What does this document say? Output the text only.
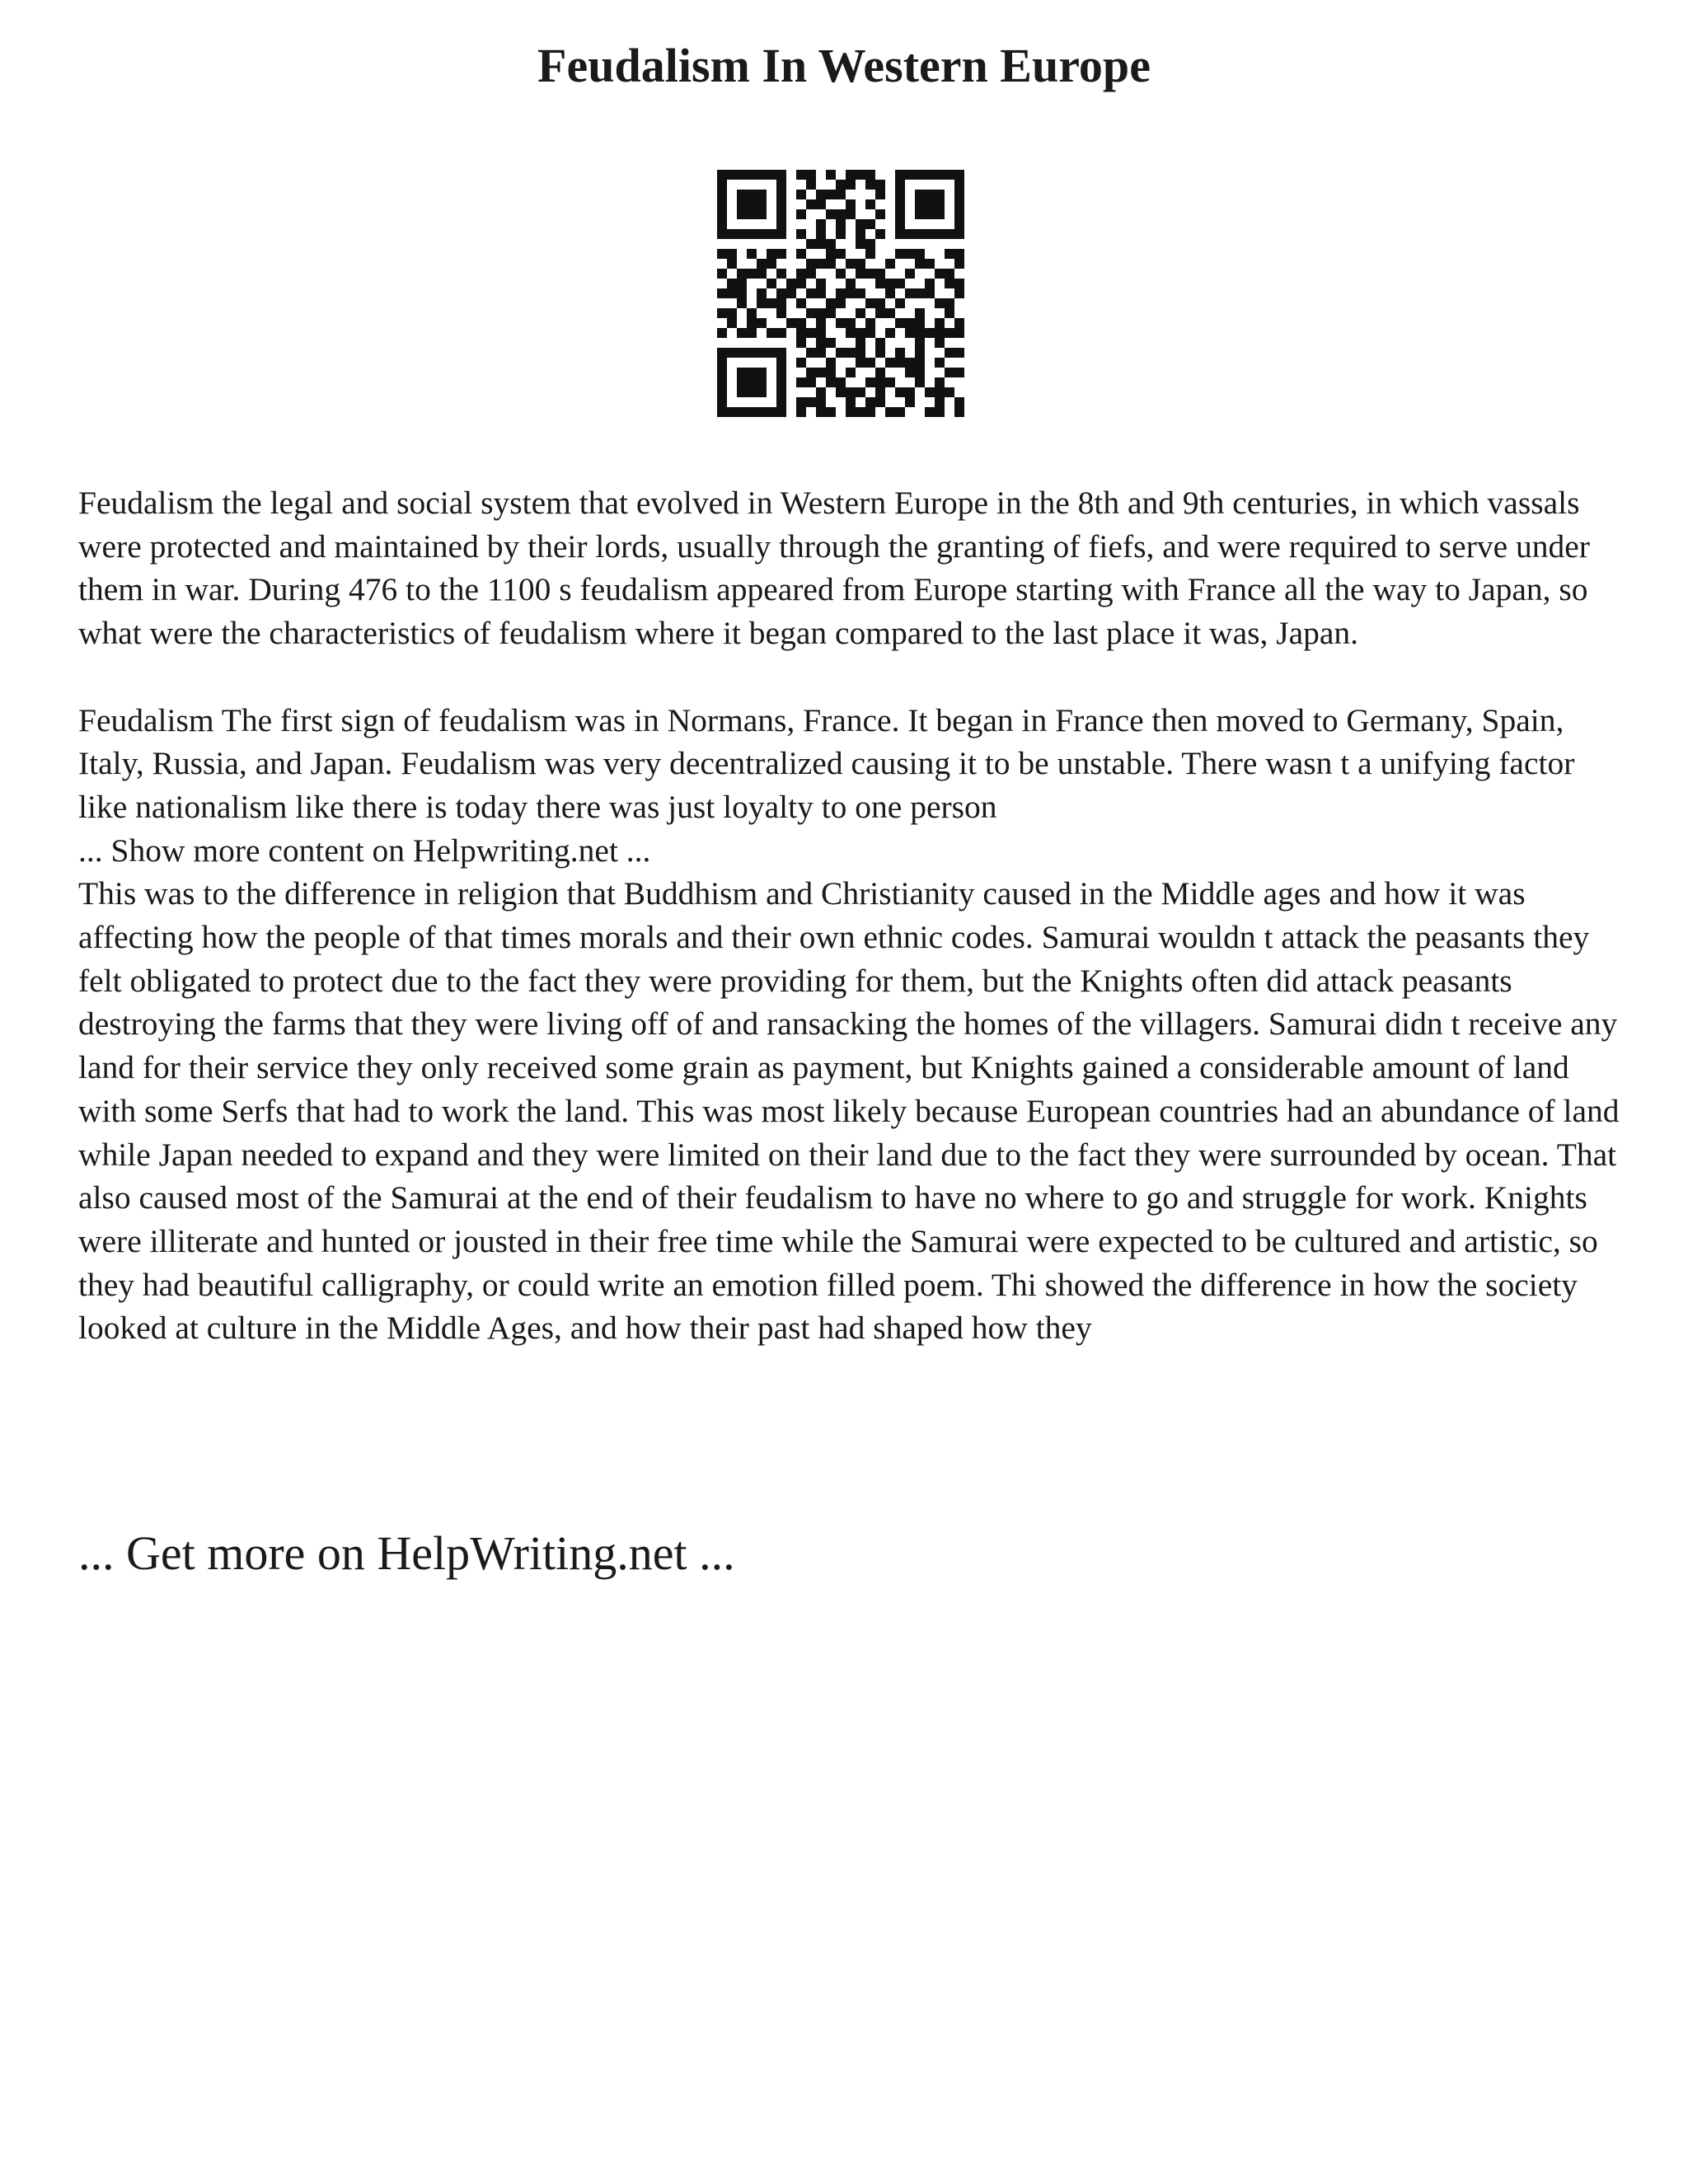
Feudalism In Western Europe

Feudalism the legal and social system that evolved in Western Europe in the 8th and 9th centuries, in which vassals were protected and maintained by their lords, usually through the granting of fiefs, and were required to serve under them in war. During 476 to the 1100 s feudalism appeared from Europe starting with France all the way to Japan, so what were the characteristics of feudalism where it began compared to the last place it was, Japan.

Feudalism The first sign of feudalism was in Normans, France. It began in France then moved to Germany, Spain, Italy, Russia, and Japan. Feudalism was very decentralized causing it to be unstable. There wasn t a unifying factor like nationalism like there is today there was just loyalty to one person
... Show more content on Helpwriting.net ...

This was to the difference in religion that Buddhism and Christianity caused in the Middle ages and how it was affecting how the people of that times morals and their own ethnic codes. Samurai wouldn t attack the peasants they felt obligated to protect due to the fact they were providing for them, but the Knights often did attack peasants destroying the farms that they were living off of and ransacking the homes of the villagers. Samurai didn t receive any land for their service they only received some grain as payment, but Knights gained a considerable amount of land with some Serfs that had to work the land. This was most likely because European countries had an abundance of land while Japan needed to expand and they were limited on their land due to the fact they were surrounded by ocean. That also caused most of the Samurai at the end of their feudalism to have no where to go and struggle for work. Knights were illiterate and hunted or jousted in their free time while the Samurai were expected to be cultured and artistic, so they had beautiful calligraphy, or could write an emotion filled poem. Thi showed the difference in how the society looked at culture in the Middle Ages, and how their past had shaped how they

... Get more on HelpWriting.net ...
